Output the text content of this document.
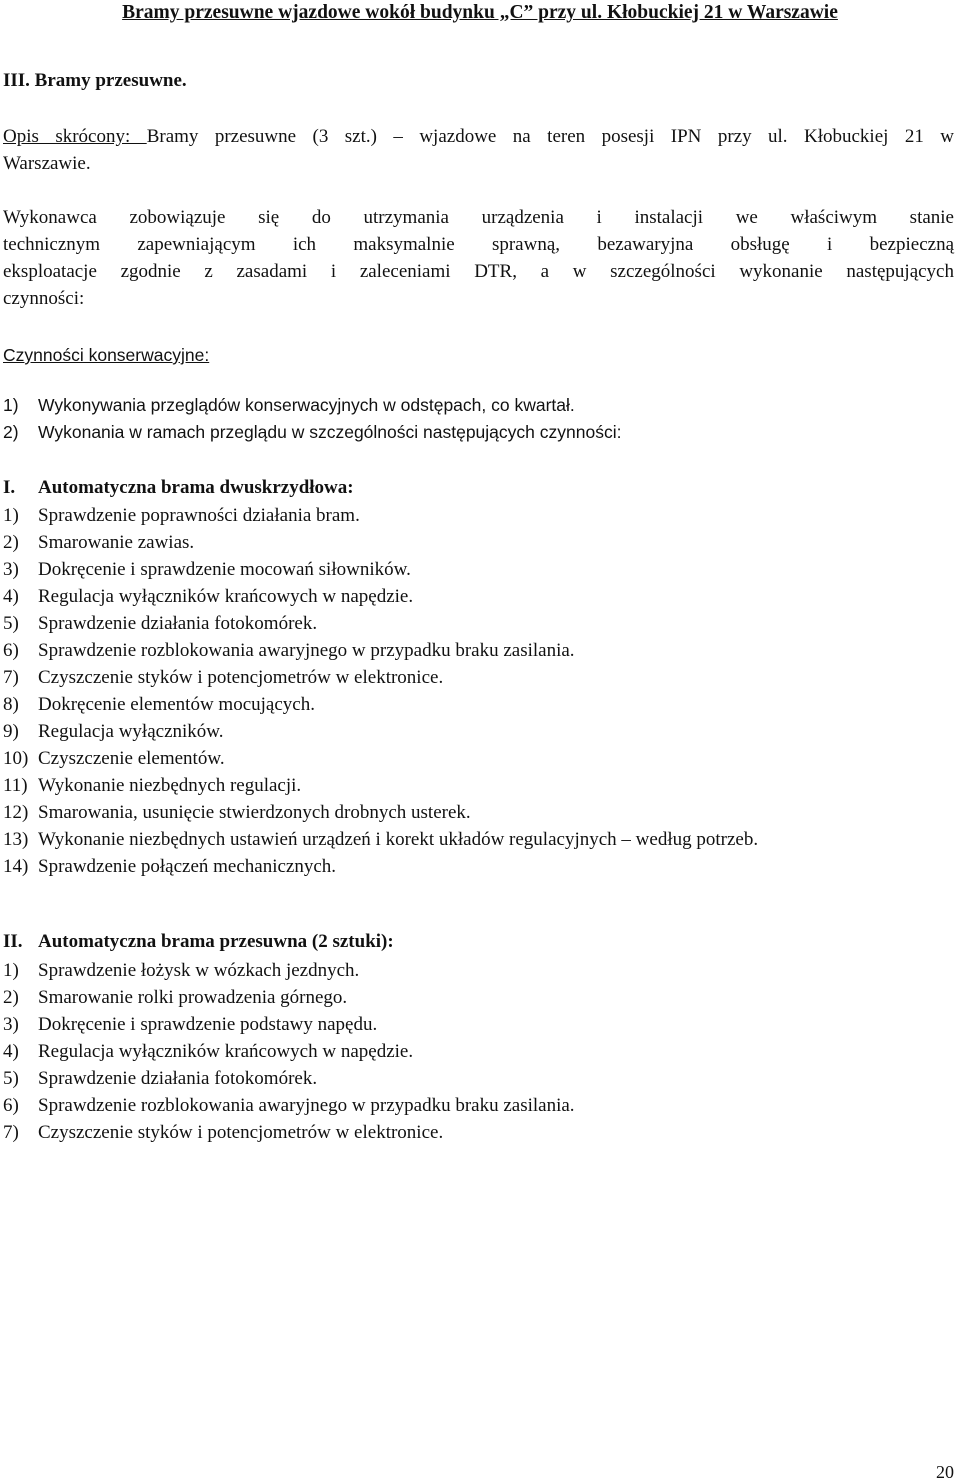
Bramy przesuwne wjazdowe wokół budynku „C” przy ul. Kłobuckiej 21 w Warszawie
III. Bramy przesuwne.
Opis skrócony: Bramy przesuwne (3 szt.) – wjazdowe na teren posesji IPN przy ul. Kłobuckiej 21 w
Warszawie.
Wykonawca zobowiązuje się do utrzymania urządzenia i instalacji we właściwym stanie
technicznym zapewniającym ich maksymalnie sprawną, bezawaryjna obsługę i bezpieczną
eksploatacje zgodnie z zasadami i zaleceniami DTR, a w szczególności wykonanie następujących
czynności:
Czynności konserwacyjne:
1) Wykonywania przeglądów konserwacyjnych w odstępach, co kwartał.
2) Wykonania w ramach przeglądu w szczególności następujących czynności:
I. Automatyczna brama dwuskrzydłowa:
1) Sprawdzenie poprawności działania bram.
2) Smarowanie zawias.
3) Dokręcenie i sprawdzenie mocowań siłowników.
4) Regulacja wyłączników krańcowych w napędzie.
5) Sprawdzenie działania fotokomórek.
6) Sprawdzenie rozblokowania awaryjnego w przypadku braku zasilania.
7) Czyszczenie styków i potencjometrów w elektronice.
8) Dokręcenie elementów mocujących.
9) Regulacja wyłączników.
10) Czyszczenie elementów.
11) Wykonanie niezbędnych regulacji.
12) Smarowania, usunięcie stwierdzonych drobnych usterek.
13) Wykonanie niezbędnych ustawień urządzeń i korekt układów regulacyjnych – według potrzeb.
14) Sprawdzenie połączeń mechanicznych.
II. Automatyczna brama przesuwna (2 sztuki):
1) Sprawdzenie łożysk w wózkach jezdnych.
2) Smarowanie rolki prowadzenia górnego.
3) Dokręcenie i sprawdzenie podstawy napędu.
4) Regulacja wyłączników krańcowych w napędzie.
5) Sprawdzenie działania fotokomórek.
6) Sprawdzenie rozblokowania awaryjnego w przypadku braku zasilania.
7) Czyszczenie styków i potencjometrów w elektronice.
20
